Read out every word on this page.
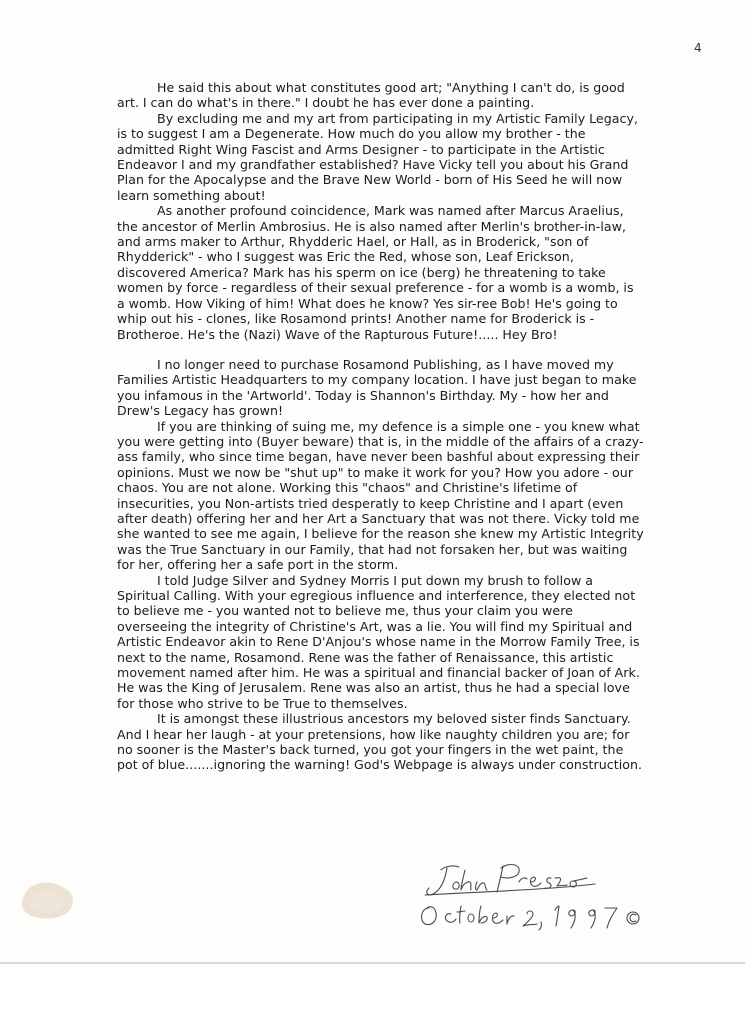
4

He said this about what constitutes good art; "Anything I can't do, is good art. I can do what's in there." I doubt he has ever done a painting.

By excluding me and my art from participating in my Artistic Family Legacy, is to suggest I am a Degenerate. How much do you allow my brother - the admitted Right Wing Fascist and Arms Designer - to participate in the Artistic Endeavor I and my grandfather established? Have Vicky tell you about his Grand Plan for the Apocalypse and the Brave New World - born of His Seed he will now learn something about!

As another profound coincidence, Mark was named after Marcus Araelius, the ancestor of Merlin Ambrosius. He is also named after Merlin's brother-in-law, and arms maker to Arthur, Rhydderic Hael, or Hall, as in Broderick, "son of Rhydderick" - who I suggest was Eric the Red, whose son, Leaf Erickson, discovered America? Mark has his sperm on ice (berg) he threatening to take women by force - regardless of their sexual preference - for a womb is a womb, is a womb. How Viking of him! What does he know? Yes sir-ree Bob! He's going to whip out his - clones, like Rosamond prints! Another name for Broderick is - Brotheroe. He's the (Nazi) Wave of the Rapturous Future!..... Hey Bro!

I no longer need to purchase Rosamond Publishing, as I have moved my Families Artistic Headquarters to my company location. I have just began to make you infamous in the 'Artworld'. Today is Shannon's Birthday. My - how her and Drew's Legacy has grown!

If you are thinking of suing me, my defence is a simple one - you knew what you were getting into (Buyer beware) that is, in the middle of the affairs of a crazy-ass family, who since time began, have never been bashful about expressing their opinions. Must we now be "shut up" to make it work for you? How you adore - our chaos. You are not alone. Working this "chaos" and Christine's lifetime of insecurities, you Non-artists tried desperatly to keep Christine and I apart (even after death) offering her and her Art a Sanctuary that was not there. Vicky told me she wanted to see me again, I believe for the reason she knew my Artistic Integrity was the True Sanctuary in our Family, that had not forsaken her, but was waiting for her, offering her a safe port in the storm.

I told Judge Silver and Sydney Morris I put down my brush to follow a Spiritual Calling. With your egregious influence and interference, they elected not to believe me - you wanted not to believe me, thus your claim you were overseeing the integrity of Christine's Art, was a lie. You will find my Spiritual and Artistic Endeavor akin to Rene D'Anjou's whose name in the Morrow Family Tree, is next to the name, Rosamond. Rene was the father of Renaissance, this artistic movement named after him. He was a spiritual and financial backer of Joan of Ark. He was the King of Jerusalem. Rene was also an artist, thus he had a special love for those who strive to be True to themselves.

It is amongst these illustrious ancestors my beloved sister finds Sanctuary. And I hear her laugh - at your pretensions, how like naughty children you are; for no sooner is the Master's back turned, you got your fingers in the wet paint, the pot of blue.......ignoring the warning! God's Webpage is always under construction.
